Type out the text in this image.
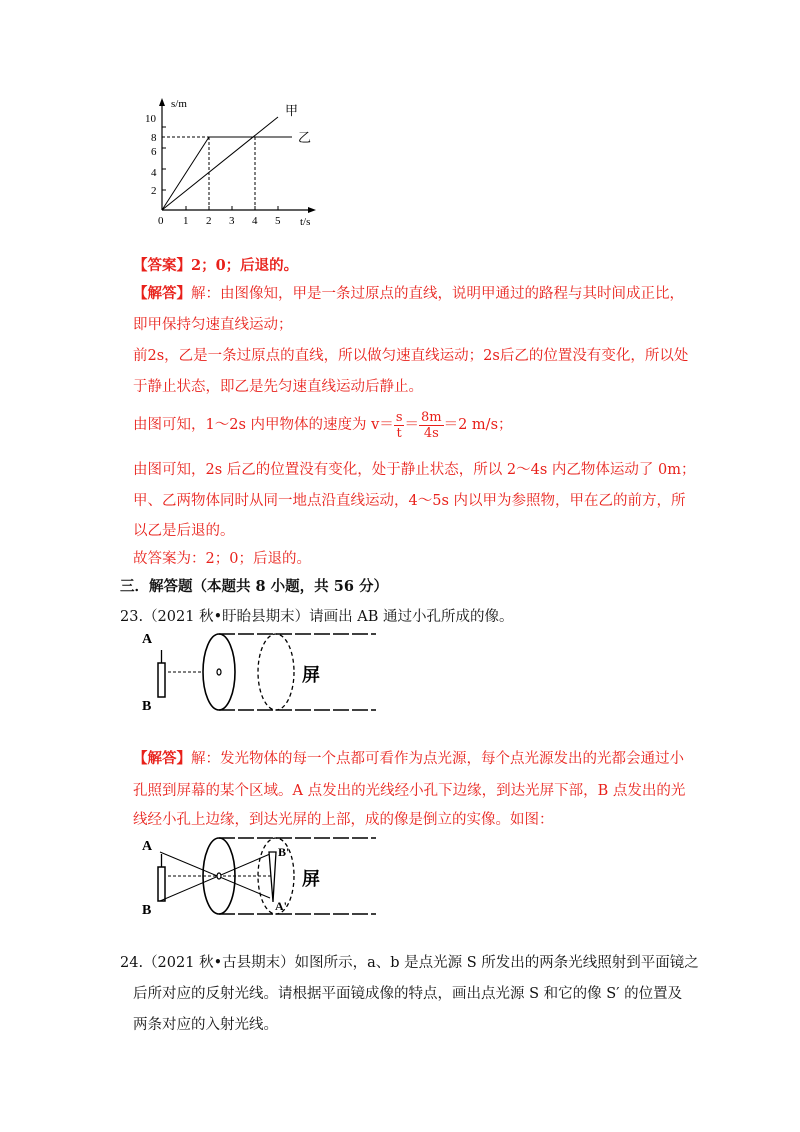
s/m
t/s
甲
乙
10
8
6
4
2
0 1 2 3 4 5
【答案】2；0；后退的。
【解答】解：由图像知，甲是一条过原点的直线，说明甲通过的路程与其时间成正比，
即甲保持匀速直线运动；
前2s，乙是一条过原点的直线，所以做匀速直线运动；2s后乙的位置没有变化，所以处
于静止状态，即乙是先匀速直线运动后静止。
由图可知，1～2s 内甲物体的速度为 $v= \frac{s}{t} = \frac{8m}{4s} =2$ m/s；
由图可知，2s 后乙的位置没有变化，处于静止状态，所以 2～4s 内乙物体运动了 0m；
甲、乙两物体同时从同一地点沿直线运动，4～5s 内以甲为参照物，甲在乙的前方，所
以乙是后退的。
故答案为：2；0；后退的。
三．解答题（本题共 8 小题，共 56 分）
23.（2021 秋•盱眙县期末）请画出 AB 通过小孔所成的像。
A
B
屏
【解答】解：发光物体的每一个点都可看作为点光源，每个点光源发出的光都会通过小
孔照到屏幕的某个区域。A 点发出的光线经小孔下边缘，到达光屏下部，B 点发出的光
线经小孔上边缘，到达光屏的上部，成的像是倒立的实像。如图：
A
B
B'
A'
屏
24.（2021 秋•古县期末）如图所示，a、b 是点光源 S 所发出的两条光线照射到平面镜之
后所对应的反射光线。请根据平面镜成像的特点，画出点光源 S 和它的像 S′ 的位置及
两条对应的入射光线。
